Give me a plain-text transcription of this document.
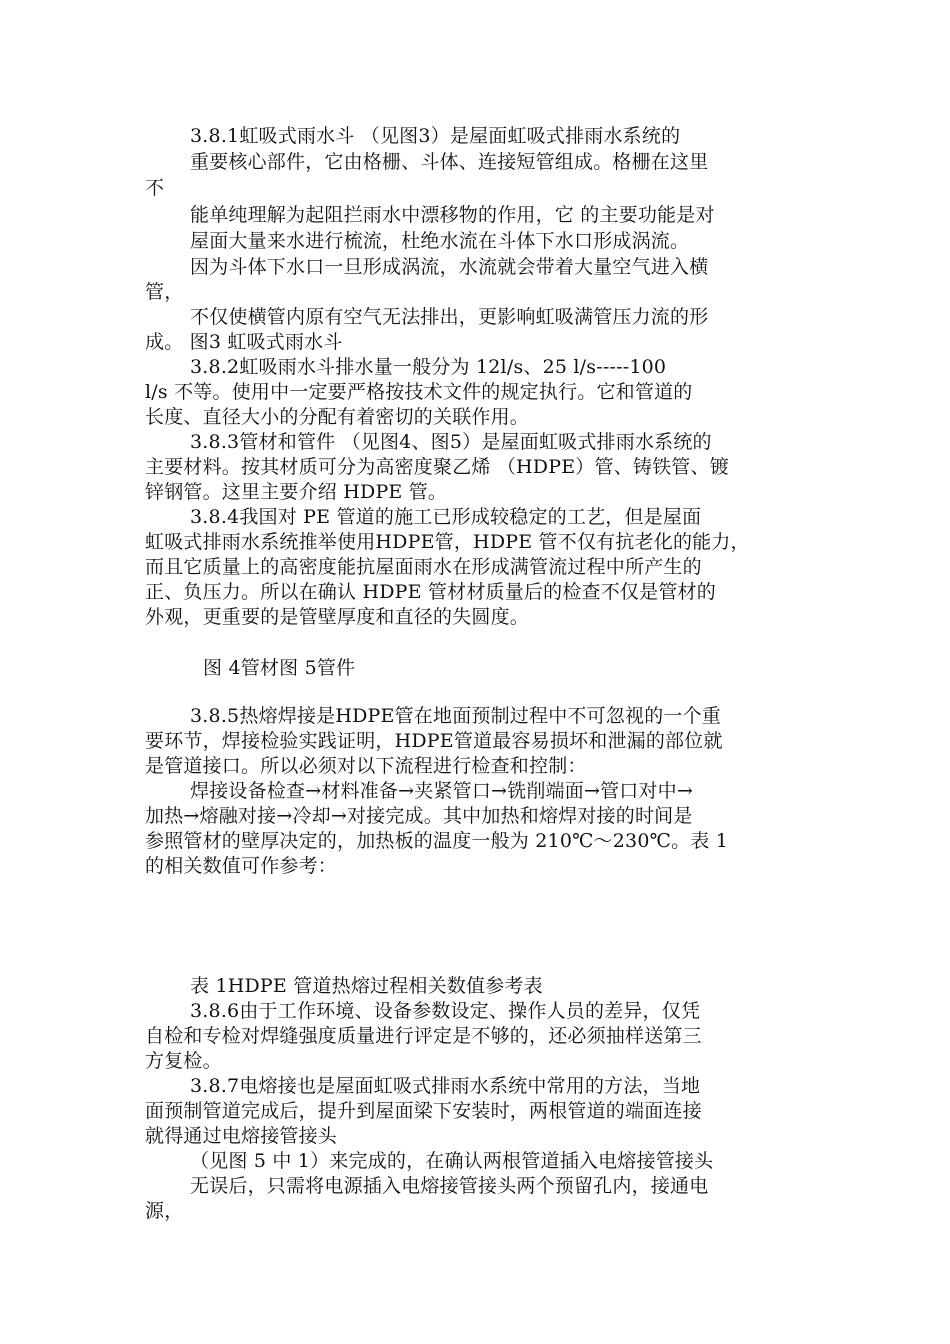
3.8.1虹吸式雨水斗 （见图3）是屋面虹吸式排雨水系统的
重要核心部件，它由格栅、斗体、连接短管组成。格栅在这里
不
能单纯理解为起阻拦雨水中漂移物的作用，它 的主要功能是对
屋面大量来水进行梳流，杜绝水流在斗体下水口形成涡流。
因为斗体下水口一旦形成涡流，水流就会带着大量空气进入横
管，
不仅使横管内原有空气无法排出，更影响虹吸满管压力流的形
成。 图3 虹吸式雨水斗
3.8.2虹吸雨水斗排水量一般分为 12l/s、25 l/s-----100
l/s 不等。使用中一定要严格按技术文件的规定执行。它和管道的
长度、直径大小的分配有着密切的关联作用。
3.8.3管材和管件 （见图4、图5）是屋面虹吸式排雨水系统的
主要材料。按其材质可分为高密度聚乙烯 （HDPE）管、铸铁管、镀
锌钢管。这里主要介绍 HDPE 管。
3.8.4我国对 PE 管道的施工已形成较稳定的工艺，但是屋面
虹吸式排雨水系统推举使用HDPE管，HDPE 管不仅有抗老化的能力，
而且它质量上的高密度能抗屋面雨水在形成满管流过程中所产生的
正、负压力。所以在确认 HDPE 管材材质量后的检查不仅是管材的
外观，更重要的是管壁厚度和直径的失圆度。
图 4管材图 5管件
3.8.5热熔焊接是HDPE管在地面预制过程中不可忽视的一个重
要环节，焊接检验实践证明，HDPE管道最容易损坏和泄漏的部位就
是管道接口。所以必须对以下流程进行检查和控制：
焊接设备检查→材料准备→夹紧管口→铣削端面→管口对中→
加热→熔融对接→冷却→对接完成。其中加热和熔焊对接的时间是
参照管材的壁厚决定的，加热板的温度一般为 210℃～230℃。表 1
的相关数值可作参考：
表 1HDPE 管道热熔过程相关数值参考表
3.8.6由于工作环境、设备参数设定、操作人员的差异，仅凭
自检和专检对焊缝强度质量进行评定是不够的，还必须抽样送第三
方复检。
3.8.7电熔接也是屋面虹吸式排雨水系统中常用的方法，当地
面预制管道完成后，提升到屋面梁下安装时，两根管道的端面连接
就得通过电熔接管接头
（见图 5 中 1）来完成的，在确认两根管道插入电熔接管接头
无误后，只需将电源插入电熔接管接头两个预留孔内，接通电
源，
